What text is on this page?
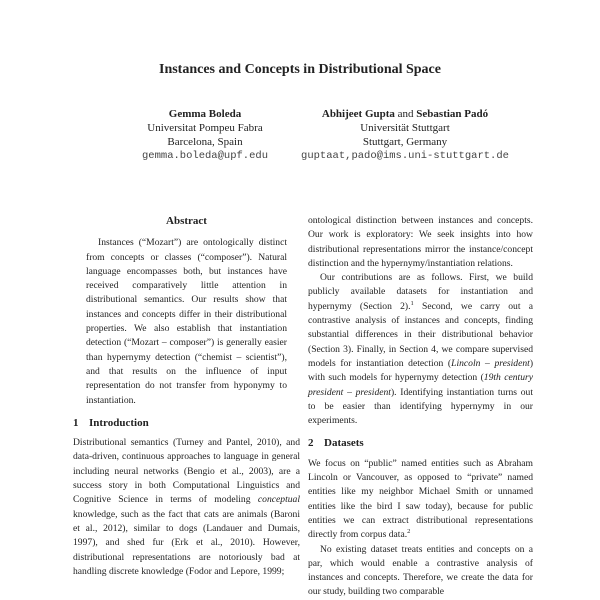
Instances and Concepts in Distributional Space
Gemma Boleda
Universitat Pompeu Fabra
Barcelona, Spain
gemma.boleda@upf.edu
Abhijeet Gupta and Sebastian Padó
Universität Stuttgart
Stuttgart, Germany
guptaat,pado@ims.uni-stuttgart.de
Abstract

Instances (“Mozart”) are ontologically distinct from concepts or classes (“composer”). Natural language encompasses both, but instances have received comparatively little attention in distributional semantics. Our results show that instances and concepts differ in their distributional properties. We also establish that instantiation detection (“Mozart – composer”) is generally easier than hypernymy detection (“chemist – scientist”), and that results on the influence of input representation do not transfer from hyponymy to instantiation.

1 Introduction

Distributional semantics (Turney and Pantel, 2010), and data-driven, continuous approaches to language in general including neural networks (Bengio et al., 2003), are a success story in both Computational Linguistics and Cognitive Science in terms of modeling conceptual knowledge, such as the fact that cats are animals (Baroni et al., 2012), similar to dogs (Landauer and Dumais, 1997), and shed fur (Erk et al., 2010). However, distributional representations are notoriously bad at handling discrete knowledge (Fodor and Lepore, 1999;

ontological distinction between instances and concepts. Our work is exploratory: We seek insights into how distributional representations mirror the instance/concept distinction and the hypernymy/instantiation relations.

Our contributions are as follows. First, we build publicly available datasets for instantiation and hypernymy (Section 2).$^1$ Second, we carry out a contrastive analysis of instances and concepts, finding substantial differences in their distributional behavior (Section 3). Finally, in Section 4, we compare supervised models for instantiation detection (Lincoln – president) with such models for hypernymy detection (19th century president – president). Identifying instantiation turns out to be easier than identifying hypernymy in our experiments.

2 Datasets

We focus on “public” named entities such as Abraham Lincoln or Vancouver, as opposed to “private” named entities like my neighbor Michael Smith or unnamed entities like the bird I saw today), because for public entities we can extract distributional representations directly from corpus data.$^2$

No existing dataset treats entities and concepts on a par, which would enable a contrastive analysis of instances and concepts. Therefore, we create the data for our study, building two comparable
